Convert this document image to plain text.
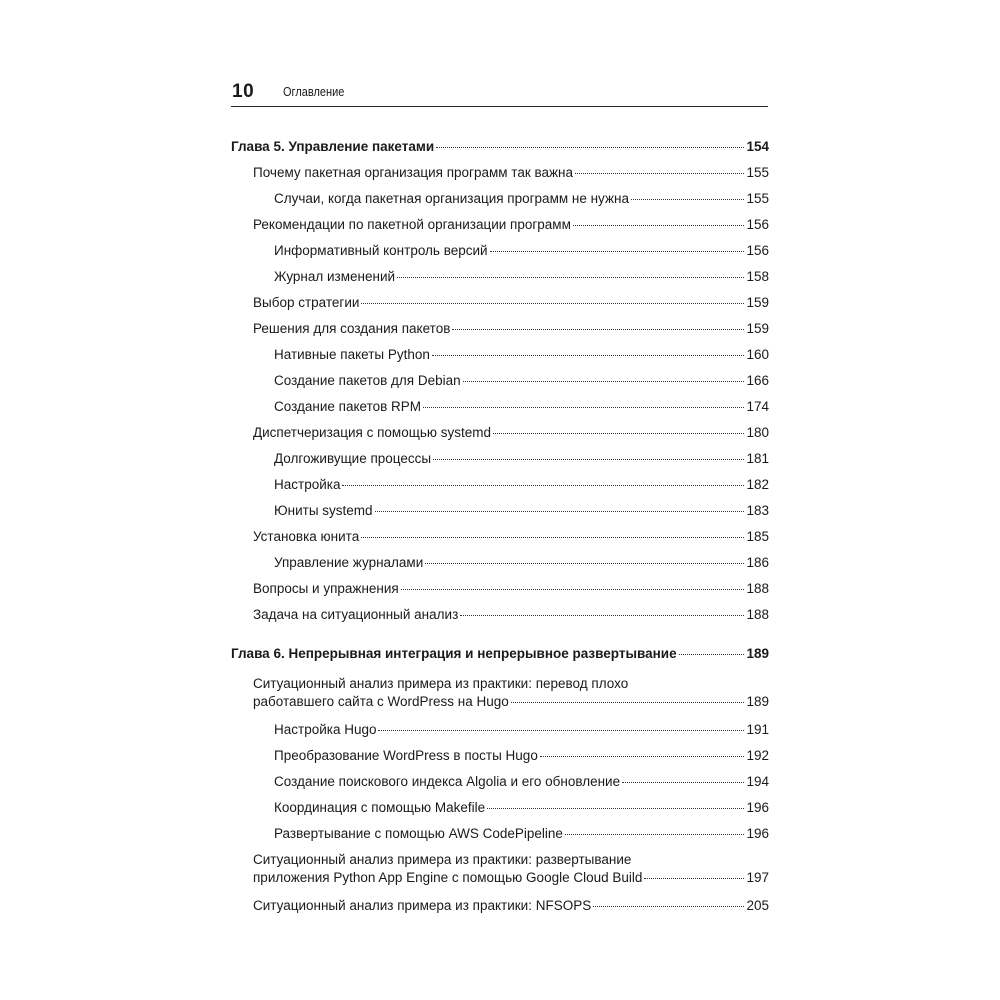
10 Оглавление
Глава 5. Управление пакетами	154
Почему пакетная организация программ так важна	155
Случаи, когда пакетная организация программ не нужна	155
Рекомендации по пакетной организации программ	156
Информативный контроль версий	156
Журнал изменений	158
Выбор стратегии	159
Решения для создания пакетов	159
Нативные пакеты Python	160
Создание пакетов для Debian	166
Создание пакетов RPM	174
Диспетчеризация с помощью systemd	180
Долгоживущие процессы	181
Настройка	182
Юниты systemd	183
Установка юнита	185
Управление журналами	186
Вопросы и упражнения	188
Задача на ситуационный анализ	188
Глава 6. Непрерывная интеграция и непрерывное развертывание	189
Ситуационный анализ примера из практики: перевод плохо
работавшего сайта с WordPress на Hugo	189
Настройка Hugo	191
Преобразование WordPress в посты Hugo	192
Создание поискового индекса Algolia и его обновление	194
Координация с помощью Makefile	196
Развертывание с помощью AWS CodePipeline	196
Ситуационный анализ примера из практики: развертывание
приложения Python App Engine с помощью Google Cloud Build	197
Ситуационный анализ примера из практики: NFSOPS	205
